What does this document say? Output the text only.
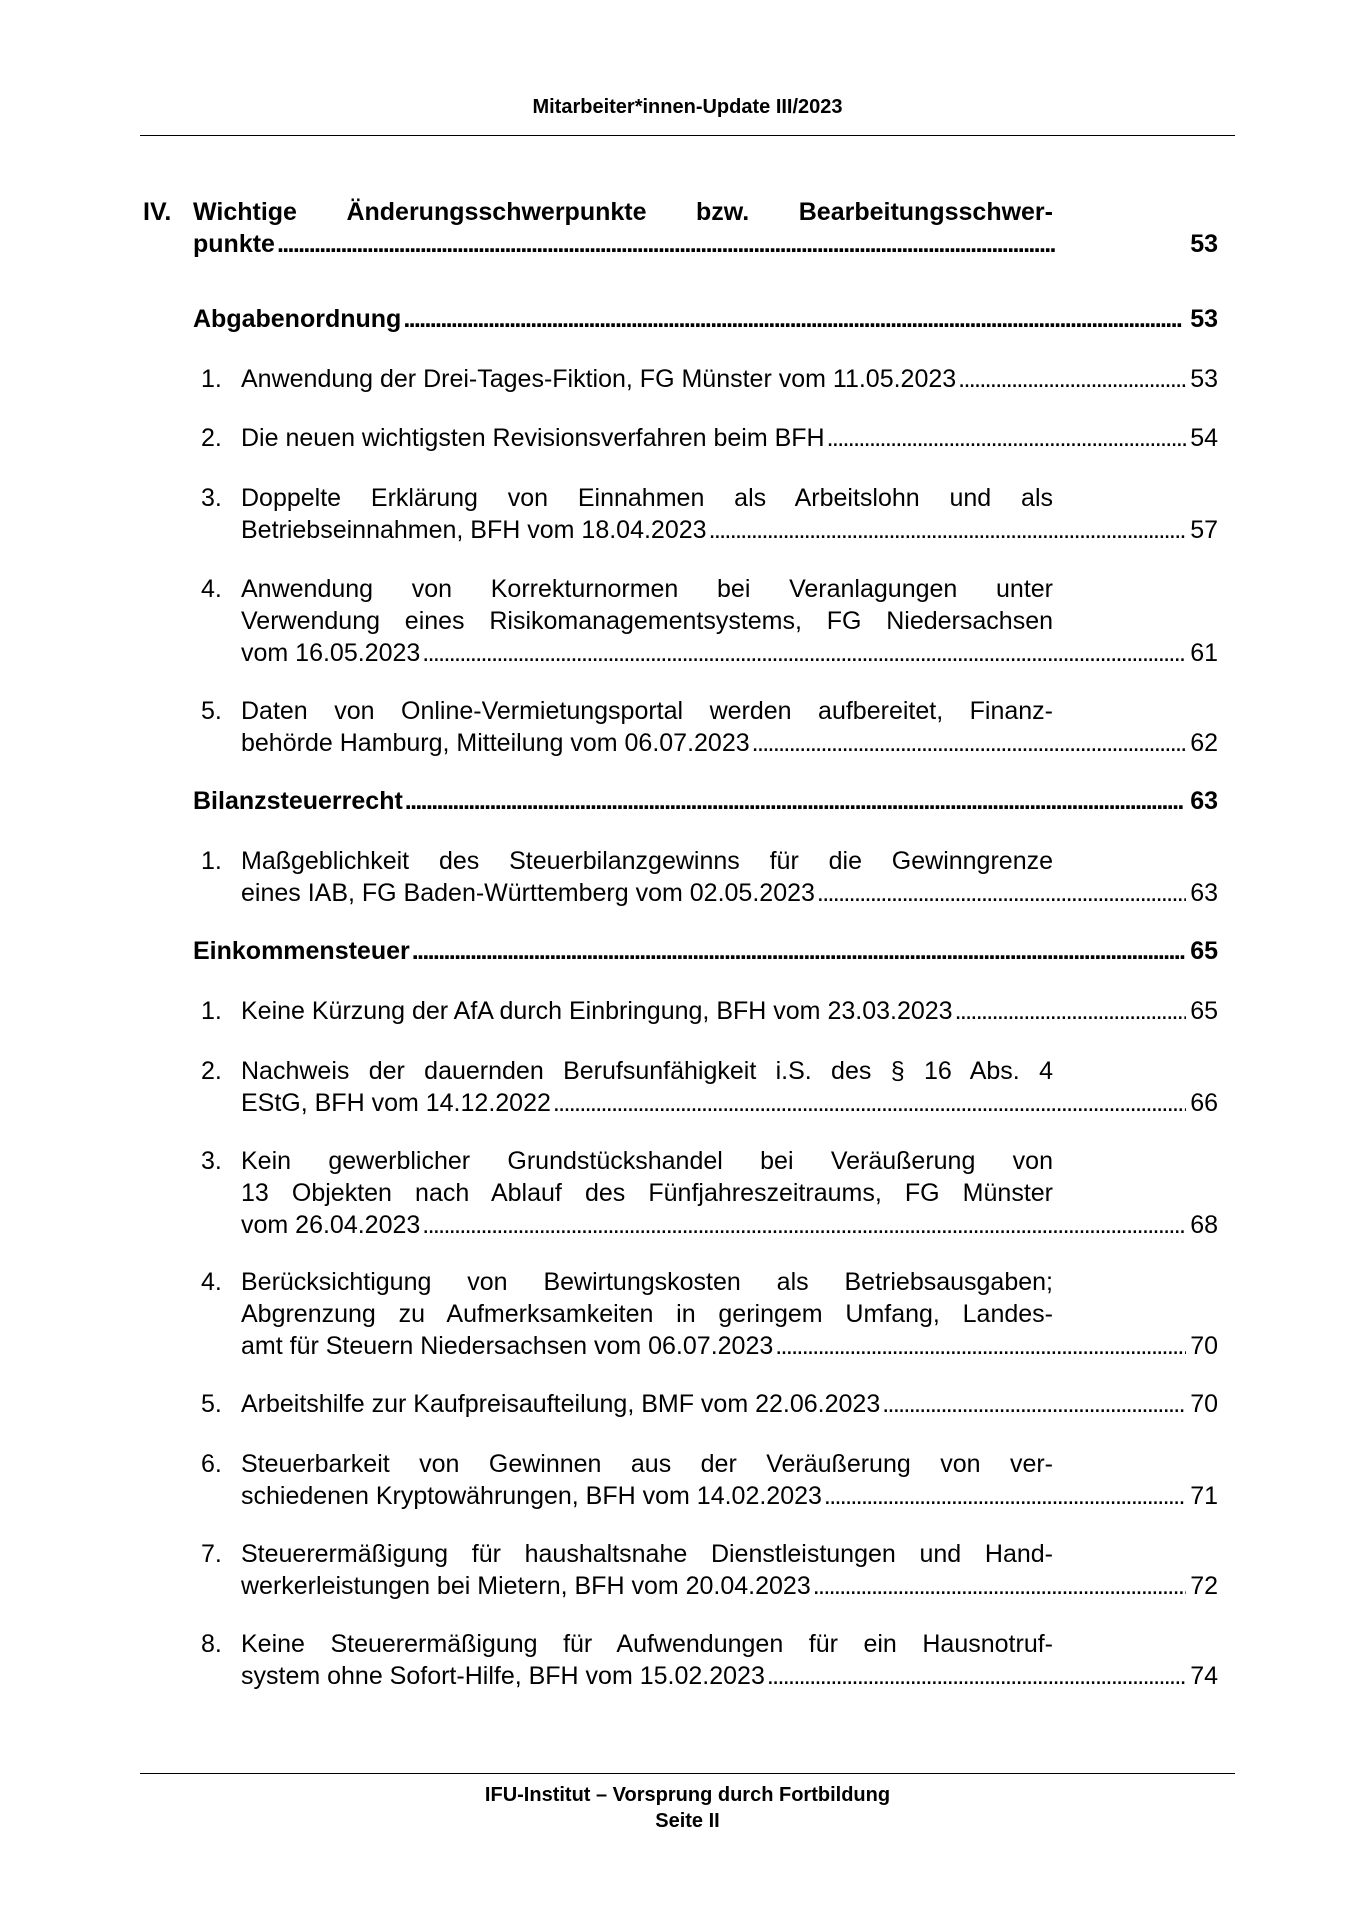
Mitarbeiter*innen-Update III/2023
IV. Wichtige Änderungsschwerpunkte bzw. Bearbeitungsschwer-
punkte . . .	53
Abgabenordnung . . .	53
1. Anwendung der Drei-Tages-Fiktion, FG Münster vom 11.05.2023 . . .	53
2. Die neuen wichtigsten Revisionsverfahren beim BFH . . .	54
3. Doppelte Erklärung von Einnahmen als Arbeitslohn und als
Betriebseinnahmen, BFH vom 18.04.2023 . . .	57
4. Anwendung von Korrekturnormen bei Veranlagungen unter
Verwendung eines Risikomanagementsystems, FG Niedersachsen
vom 16.05.2023 . . .	61
5. Daten von Online-Vermietungsportal werden aufbereitet, Finanz-
behörde Hamburg, Mitteilung vom 06.07.2023 . . .	62
Bilanzsteuerrecht . . .	63
1. Maßgeblichkeit des Steuerbilanzgewinns für die Gewinngrenze
eines IAB, FG Baden-Württemberg vom 02.05.2023 . . .	63
Einkommensteuer . . .	65
1. Keine Kürzung der AfA durch Einbringung, BFH vom 23.03.2023 . . .	65
2. Nachweis der dauernden Berufsunfähigkeit i.S. des § 16 Abs. 4
EStG, BFH vom 14.12.2022 . . .	66
3. Kein gewerblicher Grundstückshandel bei Veräußerung von
13 Objekten nach Ablauf des Fünfjahreszeitraums, FG Münster
vom 26.04.2023 . . .	68
4. Berücksichtigung von Bewirtungskosten als Betriebsausgaben;
Abgrenzung zu Aufmerksamkeiten in geringem Umfang, Landes-
amt für Steuern Niedersachsen vom 06.07.2023 . . .	70
5. Arbeitshilfe zur Kaufpreisaufteilung, BMF vom 22.06.2023 . . .	70
6. Steuerbarkeit von Gewinnen aus der Veräußerung von ver-
schiedenen Kryptowährungen, BFH vom 14.02.2023 . . .	71
7. Steuerermäßigung für haushaltsnahe Dienstleistungen und Hand-
werkerleistungen bei Mietern, BFH vom 20.04.2023 . . .	72
8. Keine Steuerermäßigung für Aufwendungen für ein Hausnotruf-
system ohne Sofort-Hilfe, BFH vom 15.02.2023 . . .	74
IFU-Institut – Vorsprung durch Fortbildung
Seite II
